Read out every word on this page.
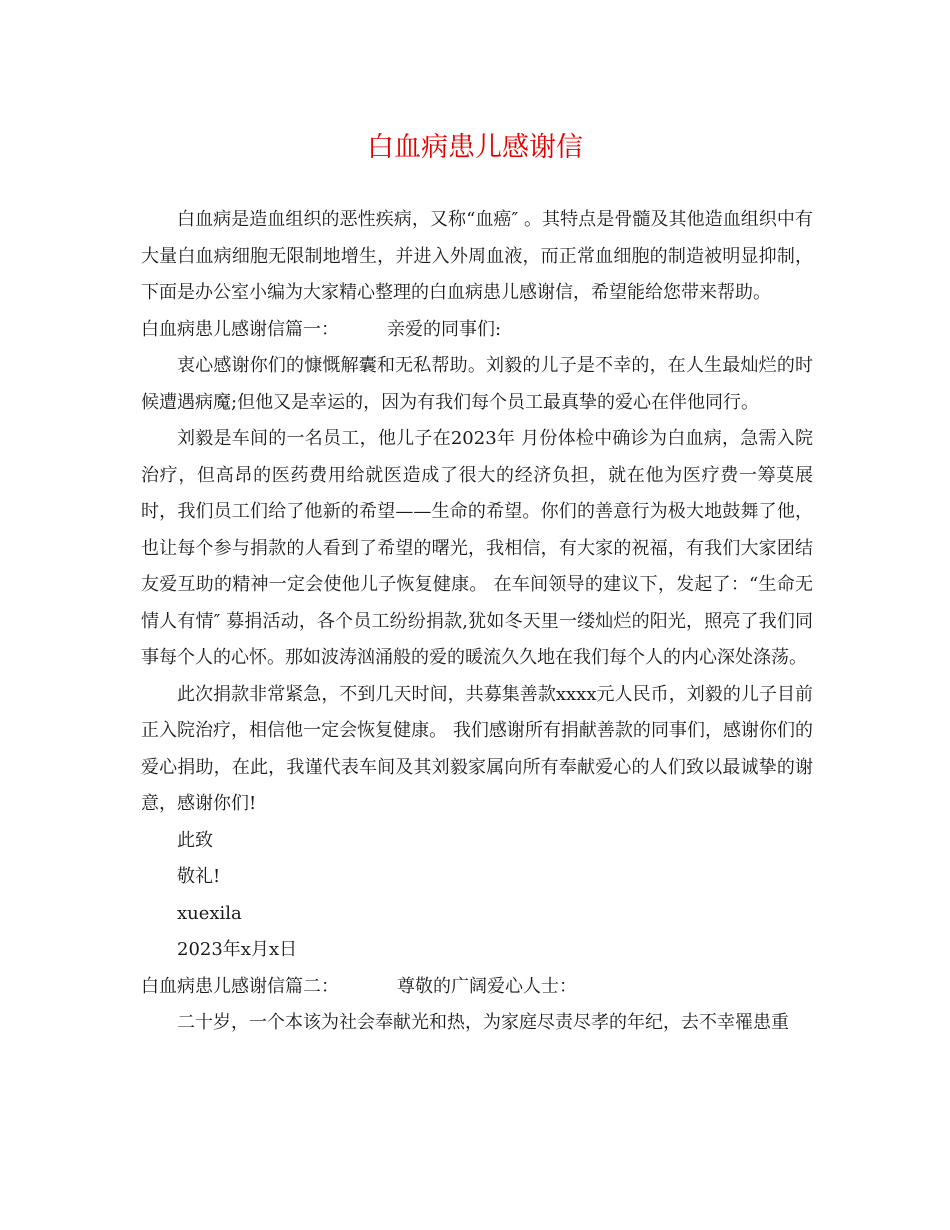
白血病患儿感谢信

白血病是造血组织的恶性疾病，又称“血癌″ 。其特点是骨髓及其他造血组织中有大量白血病细胞无限制地增生，并进入外周血液，而正常血细胞的制造被明显抑制，下面是办公室小编为大家精心整理的白血病患儿感谢信，希望能给您带来帮助。

白血病患儿感谢信篇一：	亲爱的同事们:

衷心感谢你们的慷慨解囊和无私帮助。刘毅的儿子是不幸的，在人生最灿烂的时候遭遇病魔;但他又是幸运的，因为有我们每个员工最真挚的爱心在伴他同行。

刘毅是车间的一名员工，他儿子在2023年 月份体检中确诊为白血病，急需入院治疗，但高昂的医药费用给就医造成了很大的经济负担，就在他为医疗费一筹莫展时，我们员工们给了他新的希望——生命的希望。你们的善意行为极大地鼓舞了他，也让每个参与捐款的人看到了希望的曙光，我相信，有大家的祝福，有我们大家团结友爱互助的精神一定会使他儿子恢复健康。 在车间领导的建议下，发起了：“生命无情人有情″ 募捐活动，各个员工纷纷捐款,犹如冬天里一缕灿烂的阳光，照亮了我们同事每个人的心怀。那如波涛汹涌般的爱的暖流久久地在我们每个人的内心深处涤荡。

此次捐款非常紧急，不到几天时间，共募集善款xxxx元人民币，刘毅的儿子目前正入院治疗，相信他一定会恢复健康。 我们感谢所有捐献善款的同事们，感谢你们的爱心捐助，在此，我谨代表车间及其刘毅家属向所有奉献爱心的人们致以最诚挚的谢意，感谢你们!

此致

敬礼!

xuexila

2023年x月x日

白血病患儿感谢信篇二：	尊敬的广阔爱心人士：

二十岁，一个本该为社会奉献光和热，为家庭尽责尽孝的年纪，去不幸罹患重
